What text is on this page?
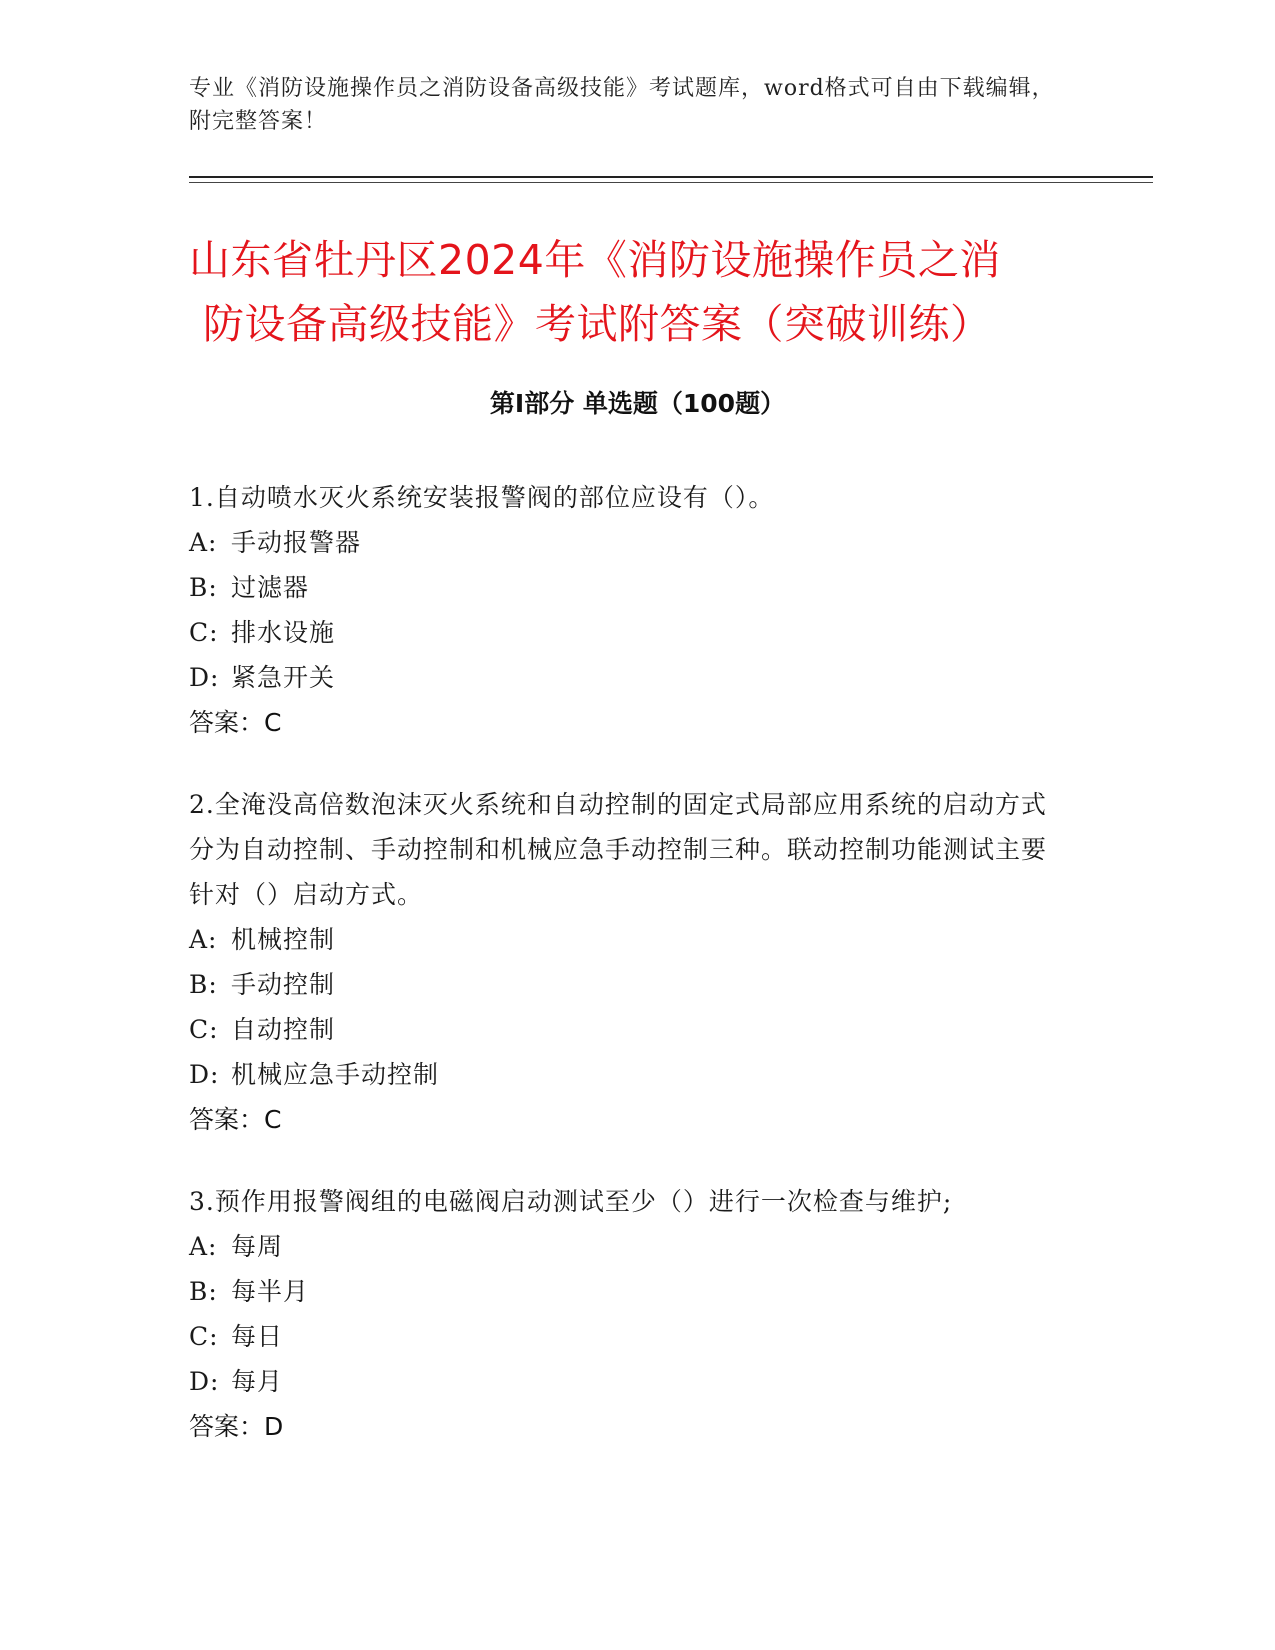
专业《消防设施操作员之消防设备高级技能》考试题库，word格式可自由下载编辑，附完整答案！
山东省牡丹区2024年《消防设施操作员之消
防设备高级技能》考试附答案（突破训练）
第Ⅰ部分 单选题（100题）

1.自动喷水灭火系统安装报警阀的部位应设有（）。

A: 手动报警器

B: 过滤器

C: 排水设施

D: 紧急开关

答案：C

2.全淹没高倍数泡沫灭火系统和自动控制的固定式局部应用系统的启动方式分为自动控制、手动控制和机械应急手动控制三种。联动控制功能测试主要针对（）启动方式。

A: 机械控制

B: 手动控制

C: 自动控制

D: 机械应急手动控制

答案：C

3.预作用报警阀组的电磁阀启动测试至少（）进行一次检查与维护;

A: 每周

B: 每半月

C: 每日

D: 每月

答案：D
